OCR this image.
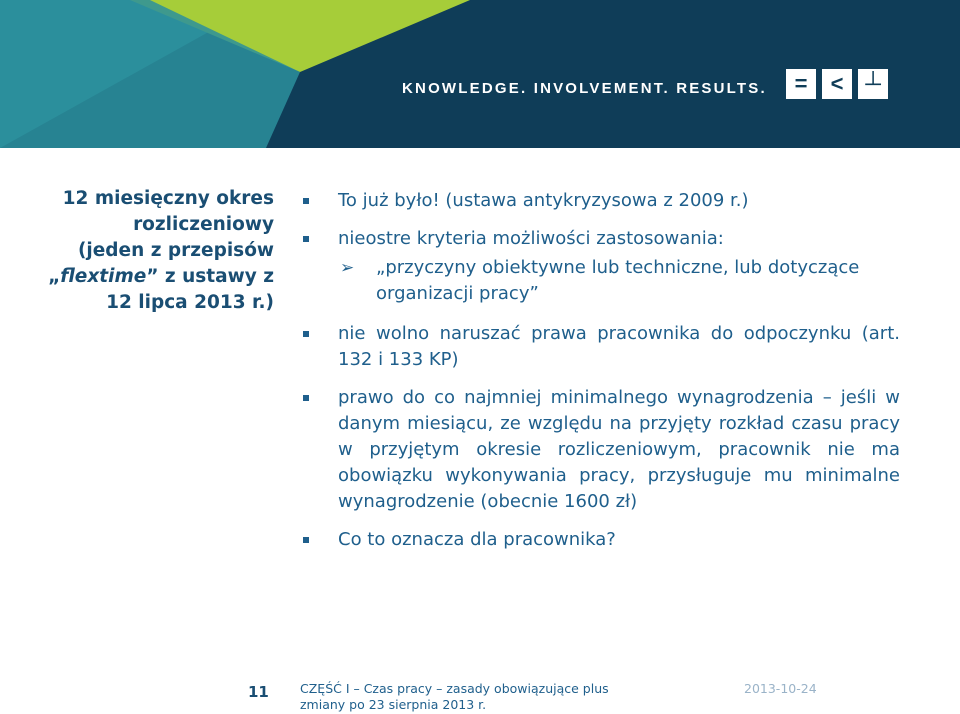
KNOWLEDGE. INVOLVEMENT. RESULTS.	=	< ┴
12 miesięczny okres
rozliczeniowy
(jeden z przepisów
„flextime” z ustawy z
12 lipca 2013 r.)
To już było! (ustawa antykryzysowa z 2009 r.)
nieostre kryteria możliwości zastosowania:
➢ „przyczyny obiektywne lub techniczne, lub dotyczące organizacji pracy”
nie wolno naruszać prawa pracownika do odpoczynku (art. 132 i 133 KP)
prawo do co najmniej minimalnego wynagrodzenia – jeśli w danym miesiącu, ze względu na przyjęty rozkład czasu pracy w przyjętym okresie rozliczeniowym, pracownik nie ma obowiązku wykonywania pracy, przysługuje mu minimalne wynagrodzenie (obecnie 1600 zł)
Co to oznacza dla pracownika?
11 CZĘŚĆ I – Czas pracy – zasady obowiązujące plus
zmiany po 23 sierpnia 2013 r.
2013-10-24
